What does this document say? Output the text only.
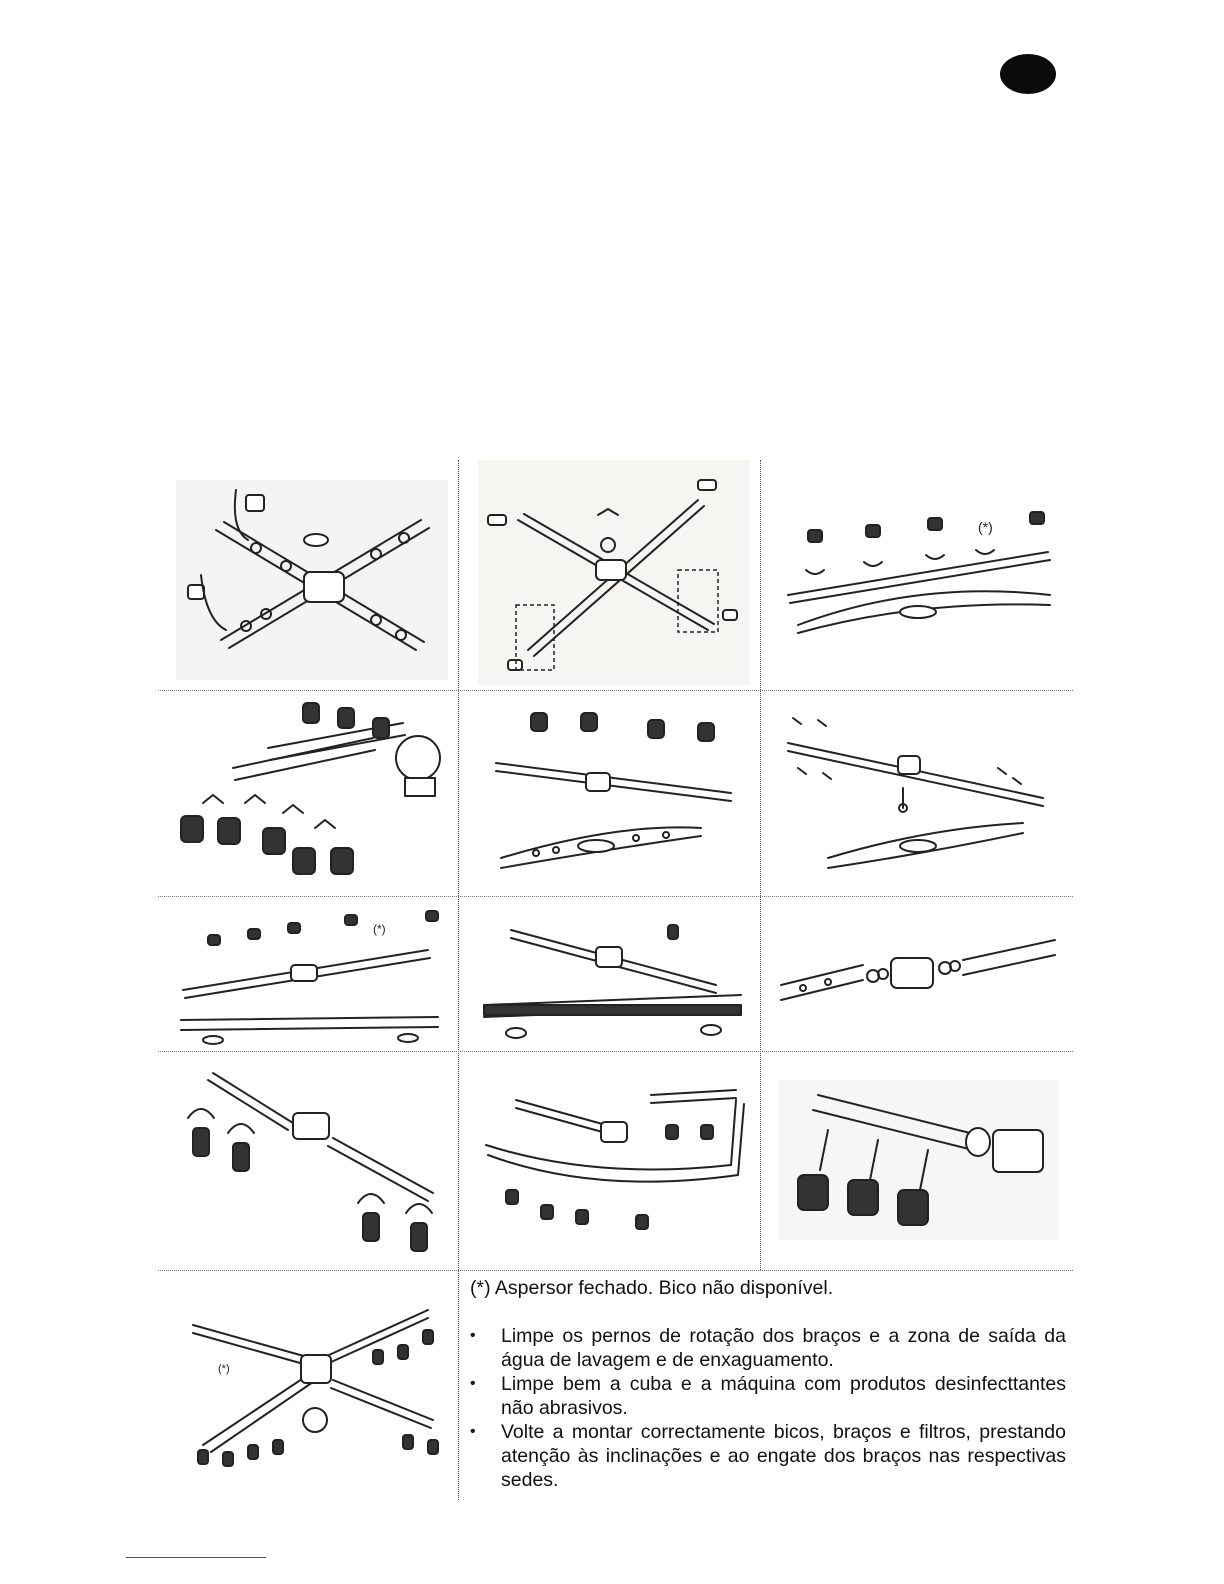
(*)
(*)
(*)

(*) Aspersor fechado. Bico não disponível.

• Limpe os pernos de rotação dos braços e a zona de saída da água de lavagem e de enxaguamento.
• Limpe bem a cuba e a máquina com produtos desinfecttantes não abrasivos.
• Volte a montar correctamente bicos, braços e filtros, prestando atenção às inclinações e ao engate dos braços nas respectivas sedes.
